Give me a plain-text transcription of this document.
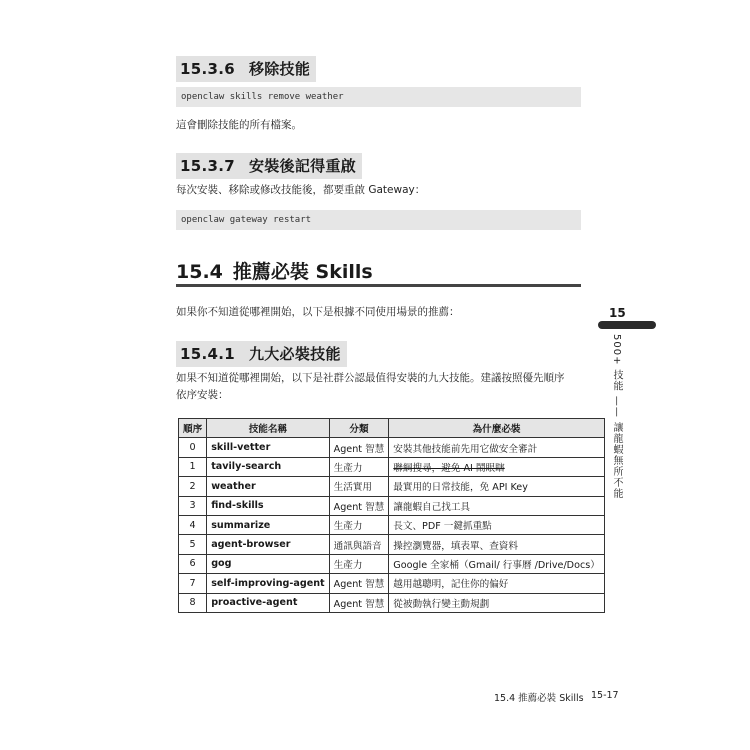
15.3.6 移除技能
openclaw skills remove weather
這會刪除技能的所有檔案。
15.3.7 安裝後記得重啟
每次安裝、移除或修改技能後，都要重啟 Gateway：
openclaw gateway restart
15.4 推薦必裝 Skills
如果你不知道從哪裡開始，以下是根據不同使用場景的推薦：
15.4.1 九大必裝技能
如果不知道從哪裡開始，以下是社群公認最值得安裝的九大技能。建議按照優先順序
依序安裝：
順序	技能名稱	分類	為什麼必裝
0	skill-vetter	Agent 智慧	安裝其他技能前先用它做安全審計
1	tavily-search	生產力	聯網搜尋，避免 AI 鬧眼瞎
2	weather	生活實用	最實用的日常技能，免 API Key
3	find-skills	Agent 智慧	讓龍蝦自己找工具
4	summarize	生產力	長文、PDF 一鍵抓重點
5	agent-browser	通訊與語音	操控瀏覽器，填表單、查資料
6	gog	生產力	Google 全家桶（Gmail/ 行事曆 /Drive/Docs）
7	self-improving-agent	Agent 智慧	越用越聰明，記住你的偏好
8	proactive-agent	Agent 智慧	從被動執行變主動規劃
15
500+ 技能 —— 讓龍蝦無所不能
15.4 推薦必裝 Skills 15-17
